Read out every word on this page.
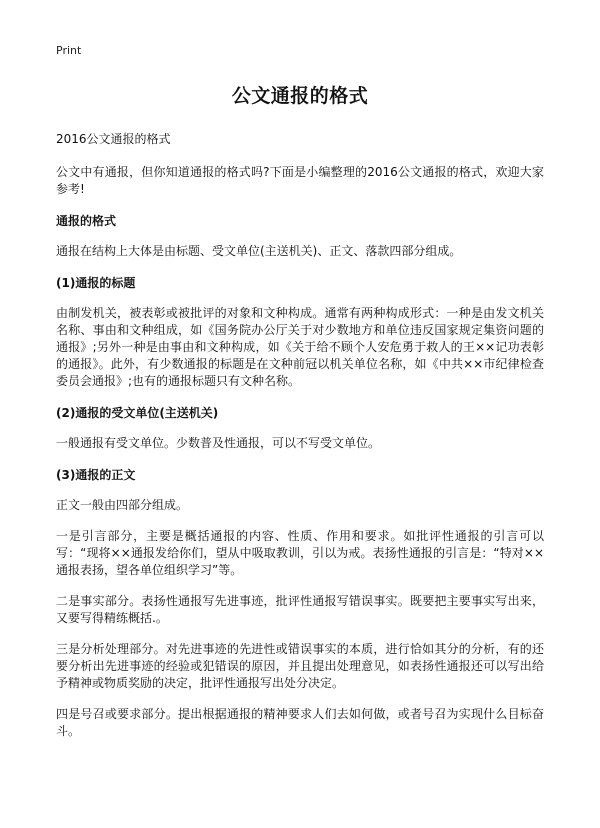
Print
公文通报的格式
2016公文通报的格式

公文中有通报，但你知道通报的格式吗?下面是小编整理的2016公文通报的格式，欢迎大家参考!

通报的格式

通报在结构上大体是由标题、受文单位(主送机关)、正文、落款四部分组成。

(1)通报的标题

由制发机关，被表彰或被批评的对象和文种构成。通常有两种构成形式：一种是由发文机关名称、事由和文种组成，如《国务院办公厅关于对少数地方和单位违反国家规定集资问题的通报》;另外一种是由事由和文种构成，如《关于给不顾个人安危勇于救人的王××记功表彰的通报》。此外，有少数通报的标题是在文种前冠以机关单位名称，如《中共××市纪律检查委员会通报》;也有的通报标题只有文种名称。

(2)通报的受文单位(主送机关)

一般通报有受文单位。少数普及性通报，可以不写受文单位。

(3)通报的正文

正文一般由四部分组成。

一是引言部分，主要是概括通报的内容、性质、作用和要求。如批评性通报的引言可以写：“现将××通报发给你们，望从中吸取教训，引以为戒。表扬性通报的引言是：“特对××通报表扬，望各单位组织学习”等。

二是事实部分。表扬性通报写先进事迹，批评性通报写错误事实。既要把主要事实写出来，又要写得精练概括.。

三是分析处理部分。对先进事迹的先进性或错误事实的本质，进行恰如其分的分析，有的还要分析出先进事迹的经验或犯错误的原因，并且提出处理意见，如表扬性通报还可以写出给予精神或物质奖励的决定，批评性通报写出处分决定。

四是号召或要求部分。提出根据通报的精神要求人们去如何做，或者号召为实现什么目标奋斗。
